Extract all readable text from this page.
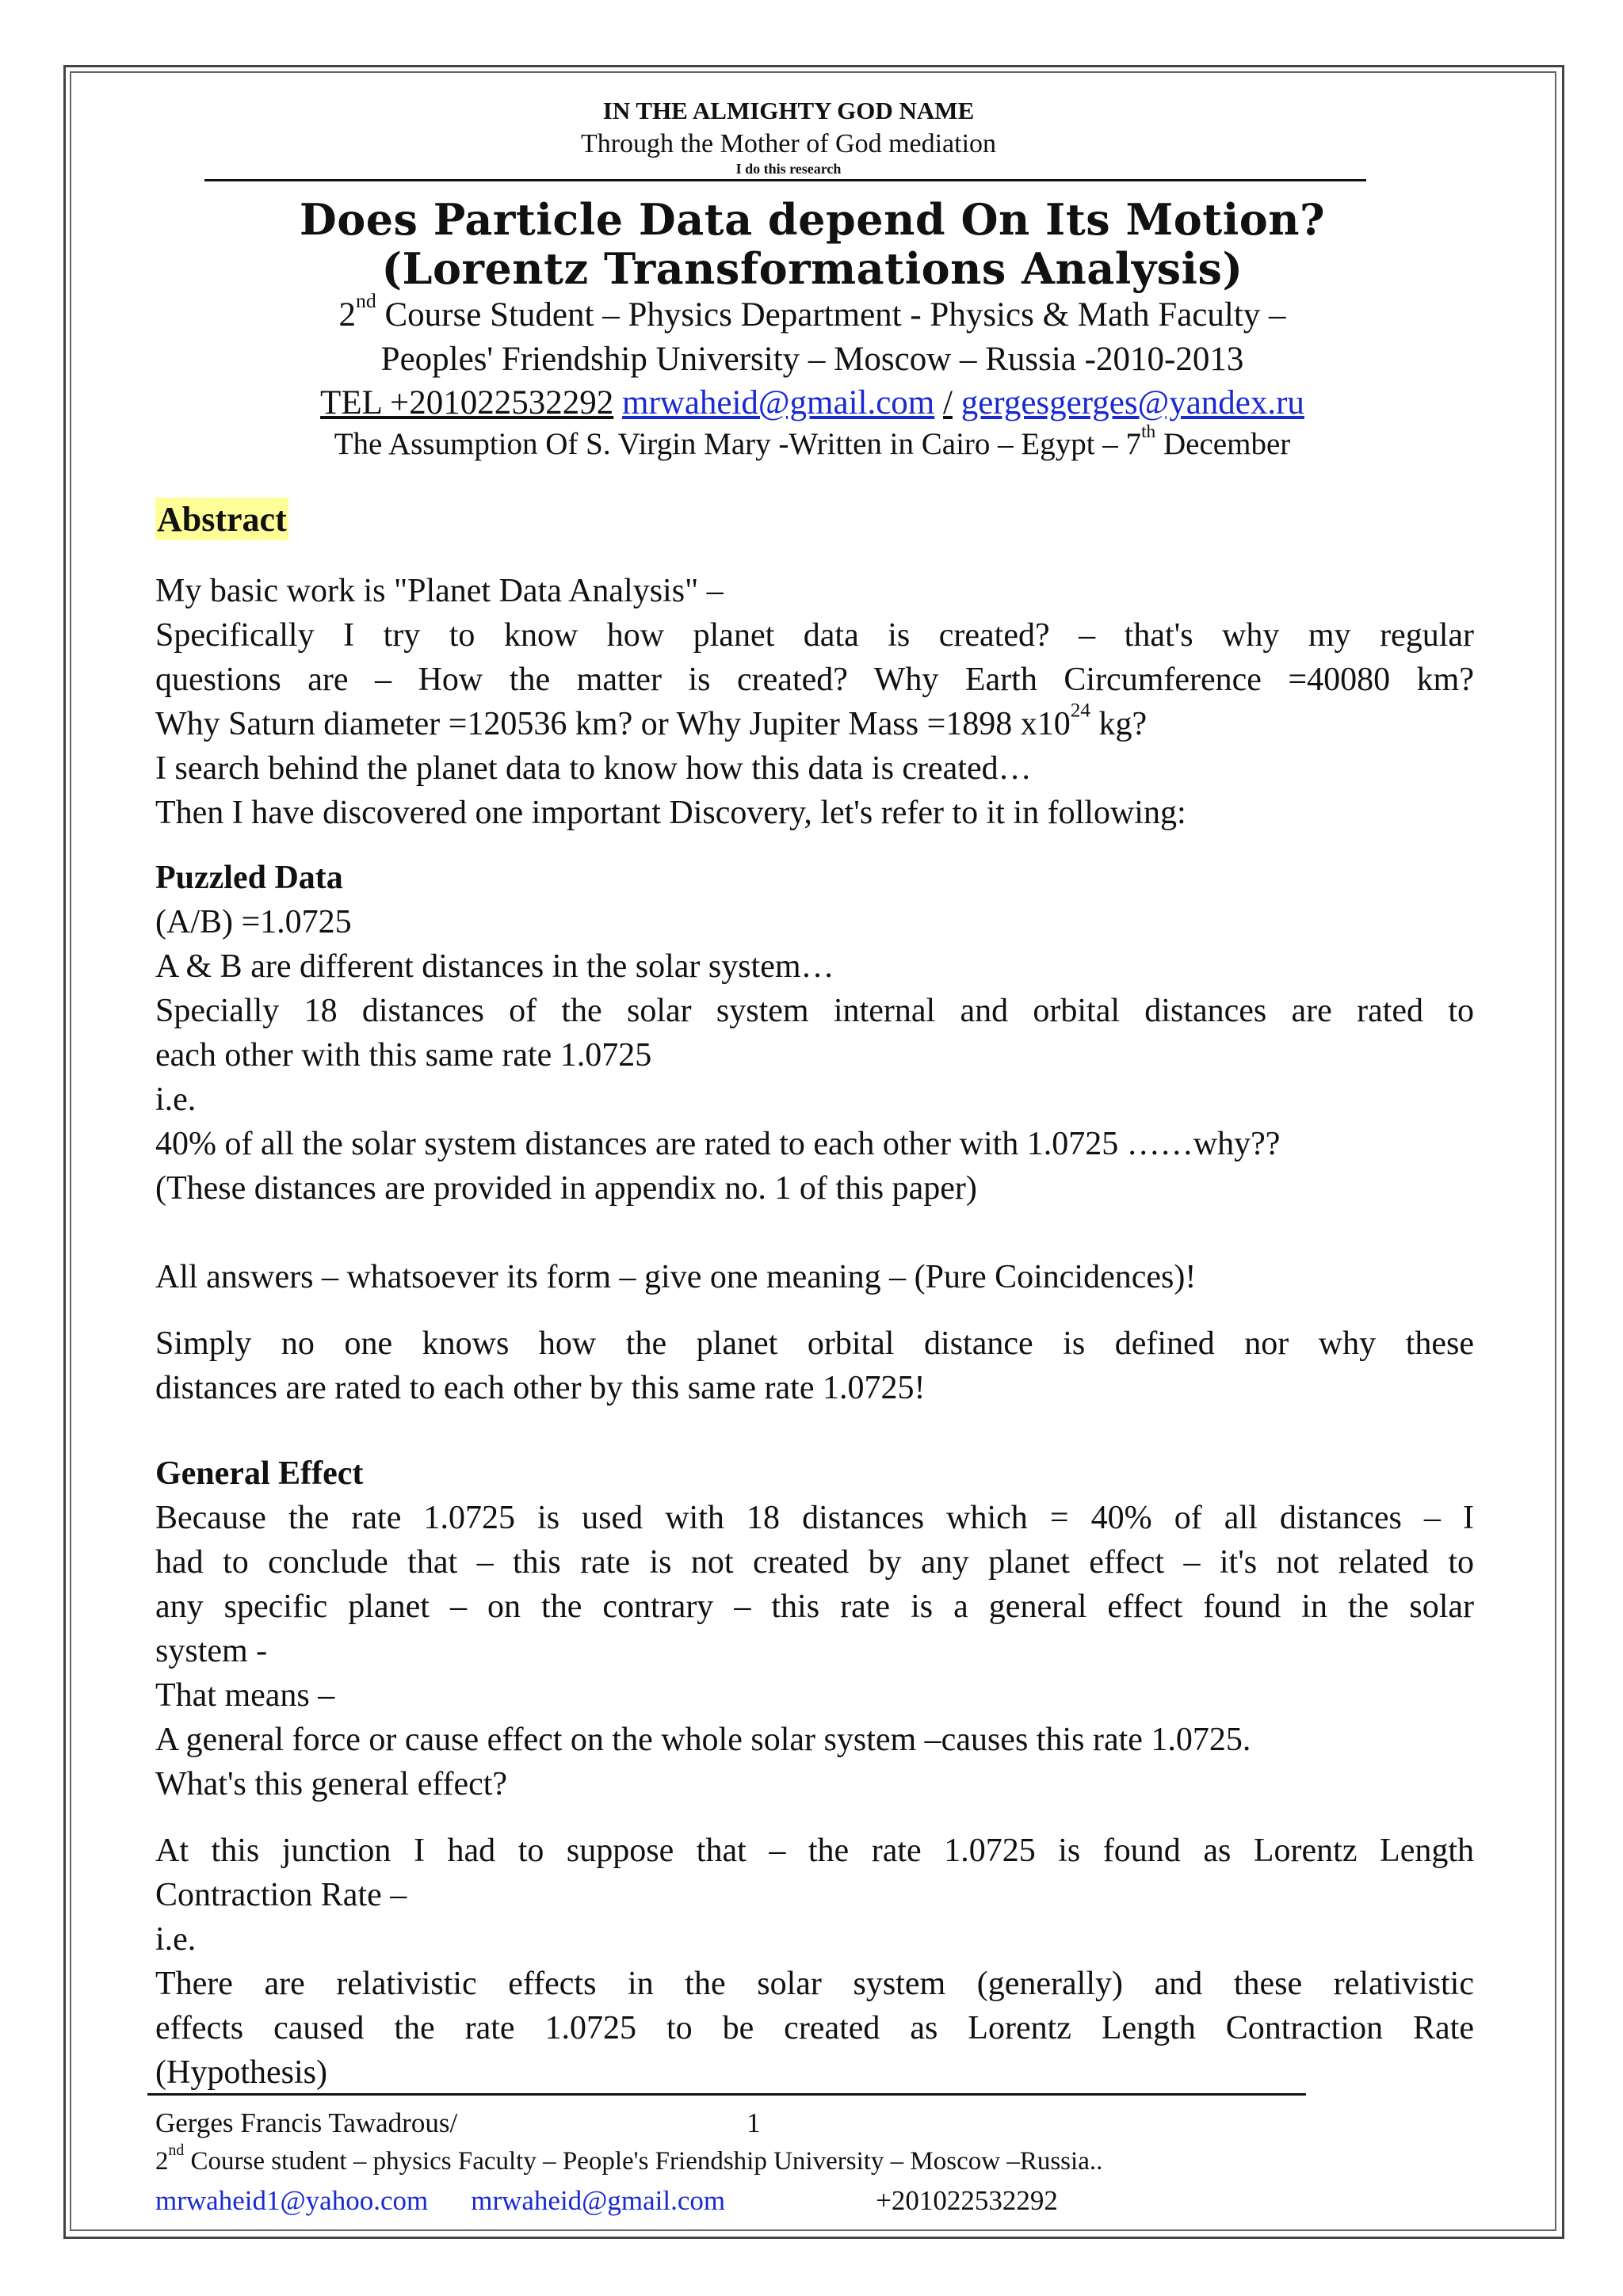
IN THE ALMIGHTY GOD NAME
Through the Mother of God mediation
I do this research
Does Particle Data depend On Its Motion?
(Lorentz Transformations Analysis)
2nd Course Student – Physics Department - Physics & Math Faculty –
Peoples' Friendship University – Moscow – Russia -2010-2013
TEL +201022532292 mrwaheid@gmail.com / gergesgerges@yandex.ru
The Assumption Of S. Virgin Mary -Written in Cairo – Egypt – 7th December
Abstract
My basic work is "Planet Data Analysis" –
Specifically I try to know how planet data is created? – that's why my regular
questions are – How the matter is created? Why Earth Circumference =40080 km?
Why Saturn diameter =120536 km? or Why Jupiter Mass =1898 $x10^{24}$ kg?
I search behind the planet data to know how this data is created…
Then I have discovered one important Discovery, let's refer to it in following:
Puzzled Data
(A/B) =1.0725
A & B are different distances in the solar system…
Specially 18 distances of the solar system internal and orbital distances are rated to
each other with this same rate 1.0725
i.e.
40% of all the solar system distances are rated to each other with 1.0725 ……why??
(These distances are provided in appendix no. 1 of this paper)
All answers – whatsoever its form – give one meaning – (Pure Coincidences)!
Simply no one knows how the planet orbital distance is defined nor why these
distances are rated to each other by this same rate 1.0725!
General Effect
Because the rate 1.0725 is used with 18 distances which = 40% of all distances – I
had to conclude that – this rate is not created by any planet effect – it's not related to
any specific planet – on the contrary – this rate is a general effect found in the solar
system -
That means –
A general force or cause effect on the whole solar system –causes this rate 1.0725.
What's this general effect?
At this junction I had to suppose that – the rate 1.0725 is found as Lorentz Length
Contraction Rate –
i.e.
There are relativistic effects in the solar system (generally) and these relativistic
effects caused the rate 1.0725 to be created as Lorentz Length Contraction Rate
(Hypothesis)
Gerges Francis Tawadrous/	1
2nd Course student – physics Faculty – People's Friendship University – Moscow –Russia..
mrwaheid1@yahoo.com mrwaheid@gmail.com	+201022532292
